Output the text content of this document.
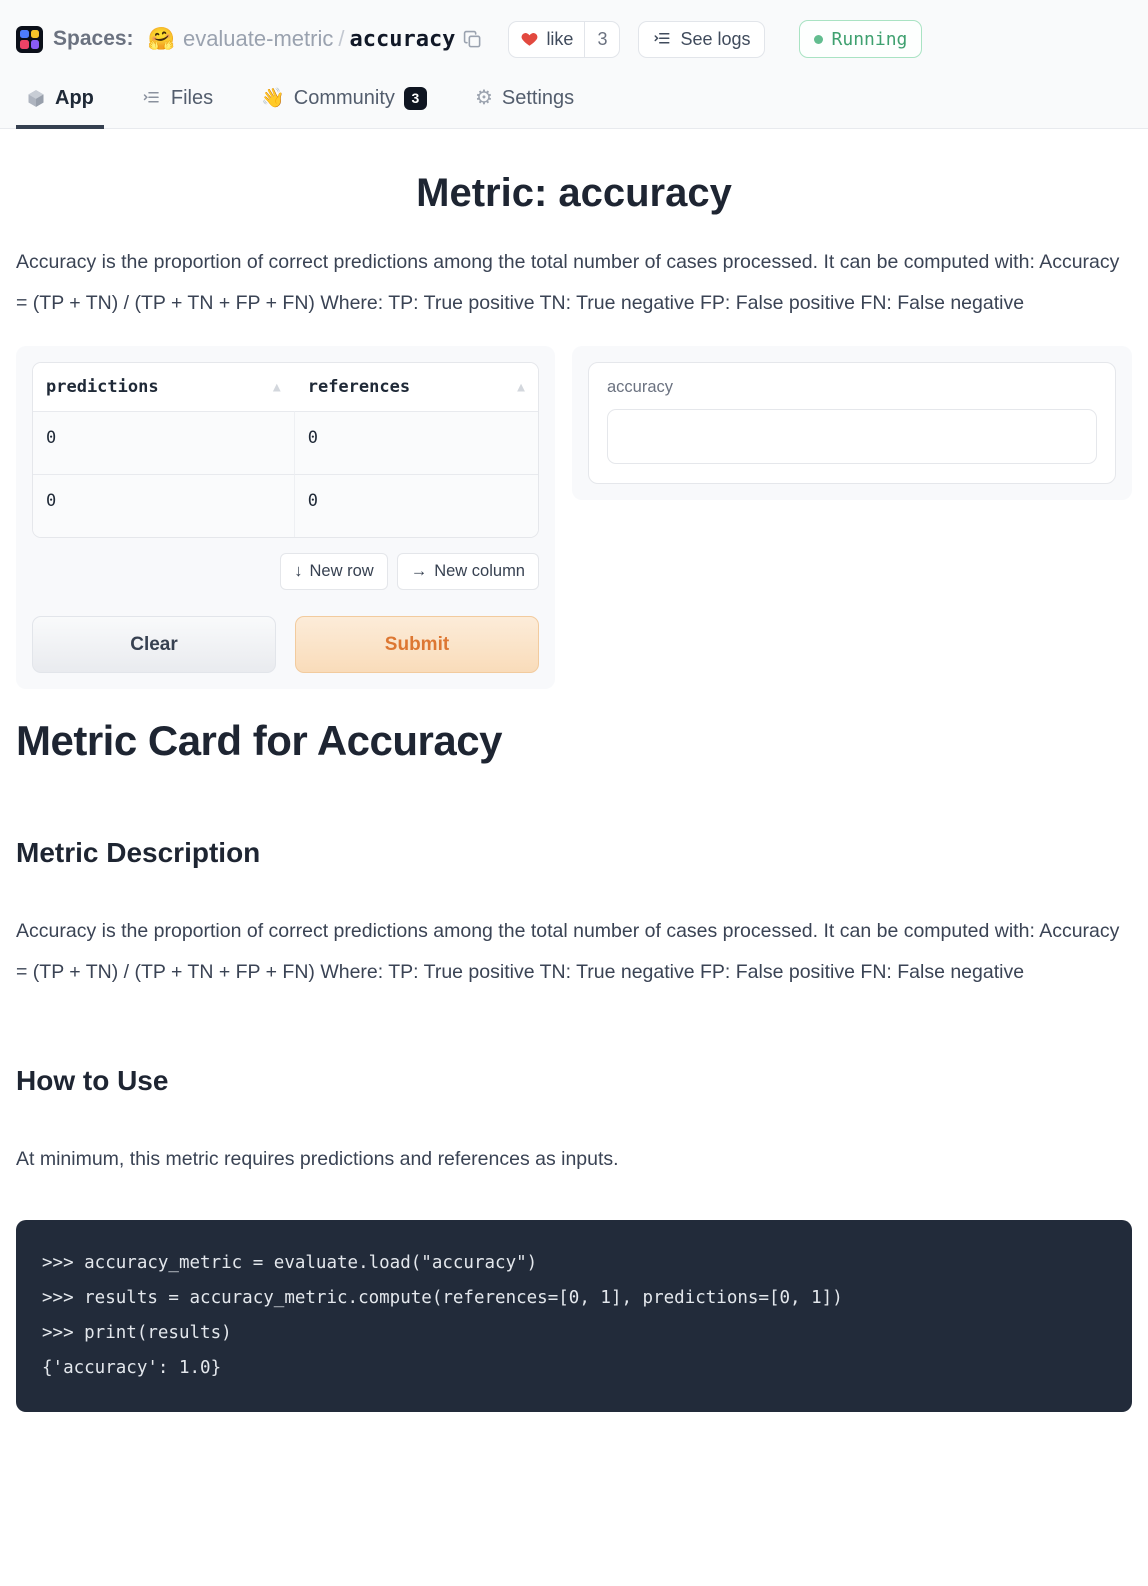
Spaces: 🤗 evaluate-metric / accuracy	like	3	See logs	Running
App	Files	👋 Community	3	⚙ Settings
Metric: accuracy

Accuracy is the proportion of correct predictions among the total number of cases processed. It can be computed with: Accuracy = (TP + TN) / (TP + TN + FP + FN) Where: TP: True positive TN: True negative FP: False positive FN: False negative

predictions ▲	references ▲

0	0
0	0
↓ New row → New column
Clear	Submit
accuracy
Metric Card for Accuracy
Metric Description

Accuracy is the proportion of correct predictions among the total number of cases processed. It can be computed with: Accuracy = (TP + TN) / (TP + TN + FP + FN) Where: TP: True positive TN: True negative FP: False positive FN: False negative

How to Use

At minimum, this metric requires predictions and references as inputs.

>>> accuracy_metric = evaluate.load("accuracy")
>>> results = accuracy_metric.compute(references=[0, 1], predictions=[0, 1])
>>> print(results)
{'accuracy': 1.0}
